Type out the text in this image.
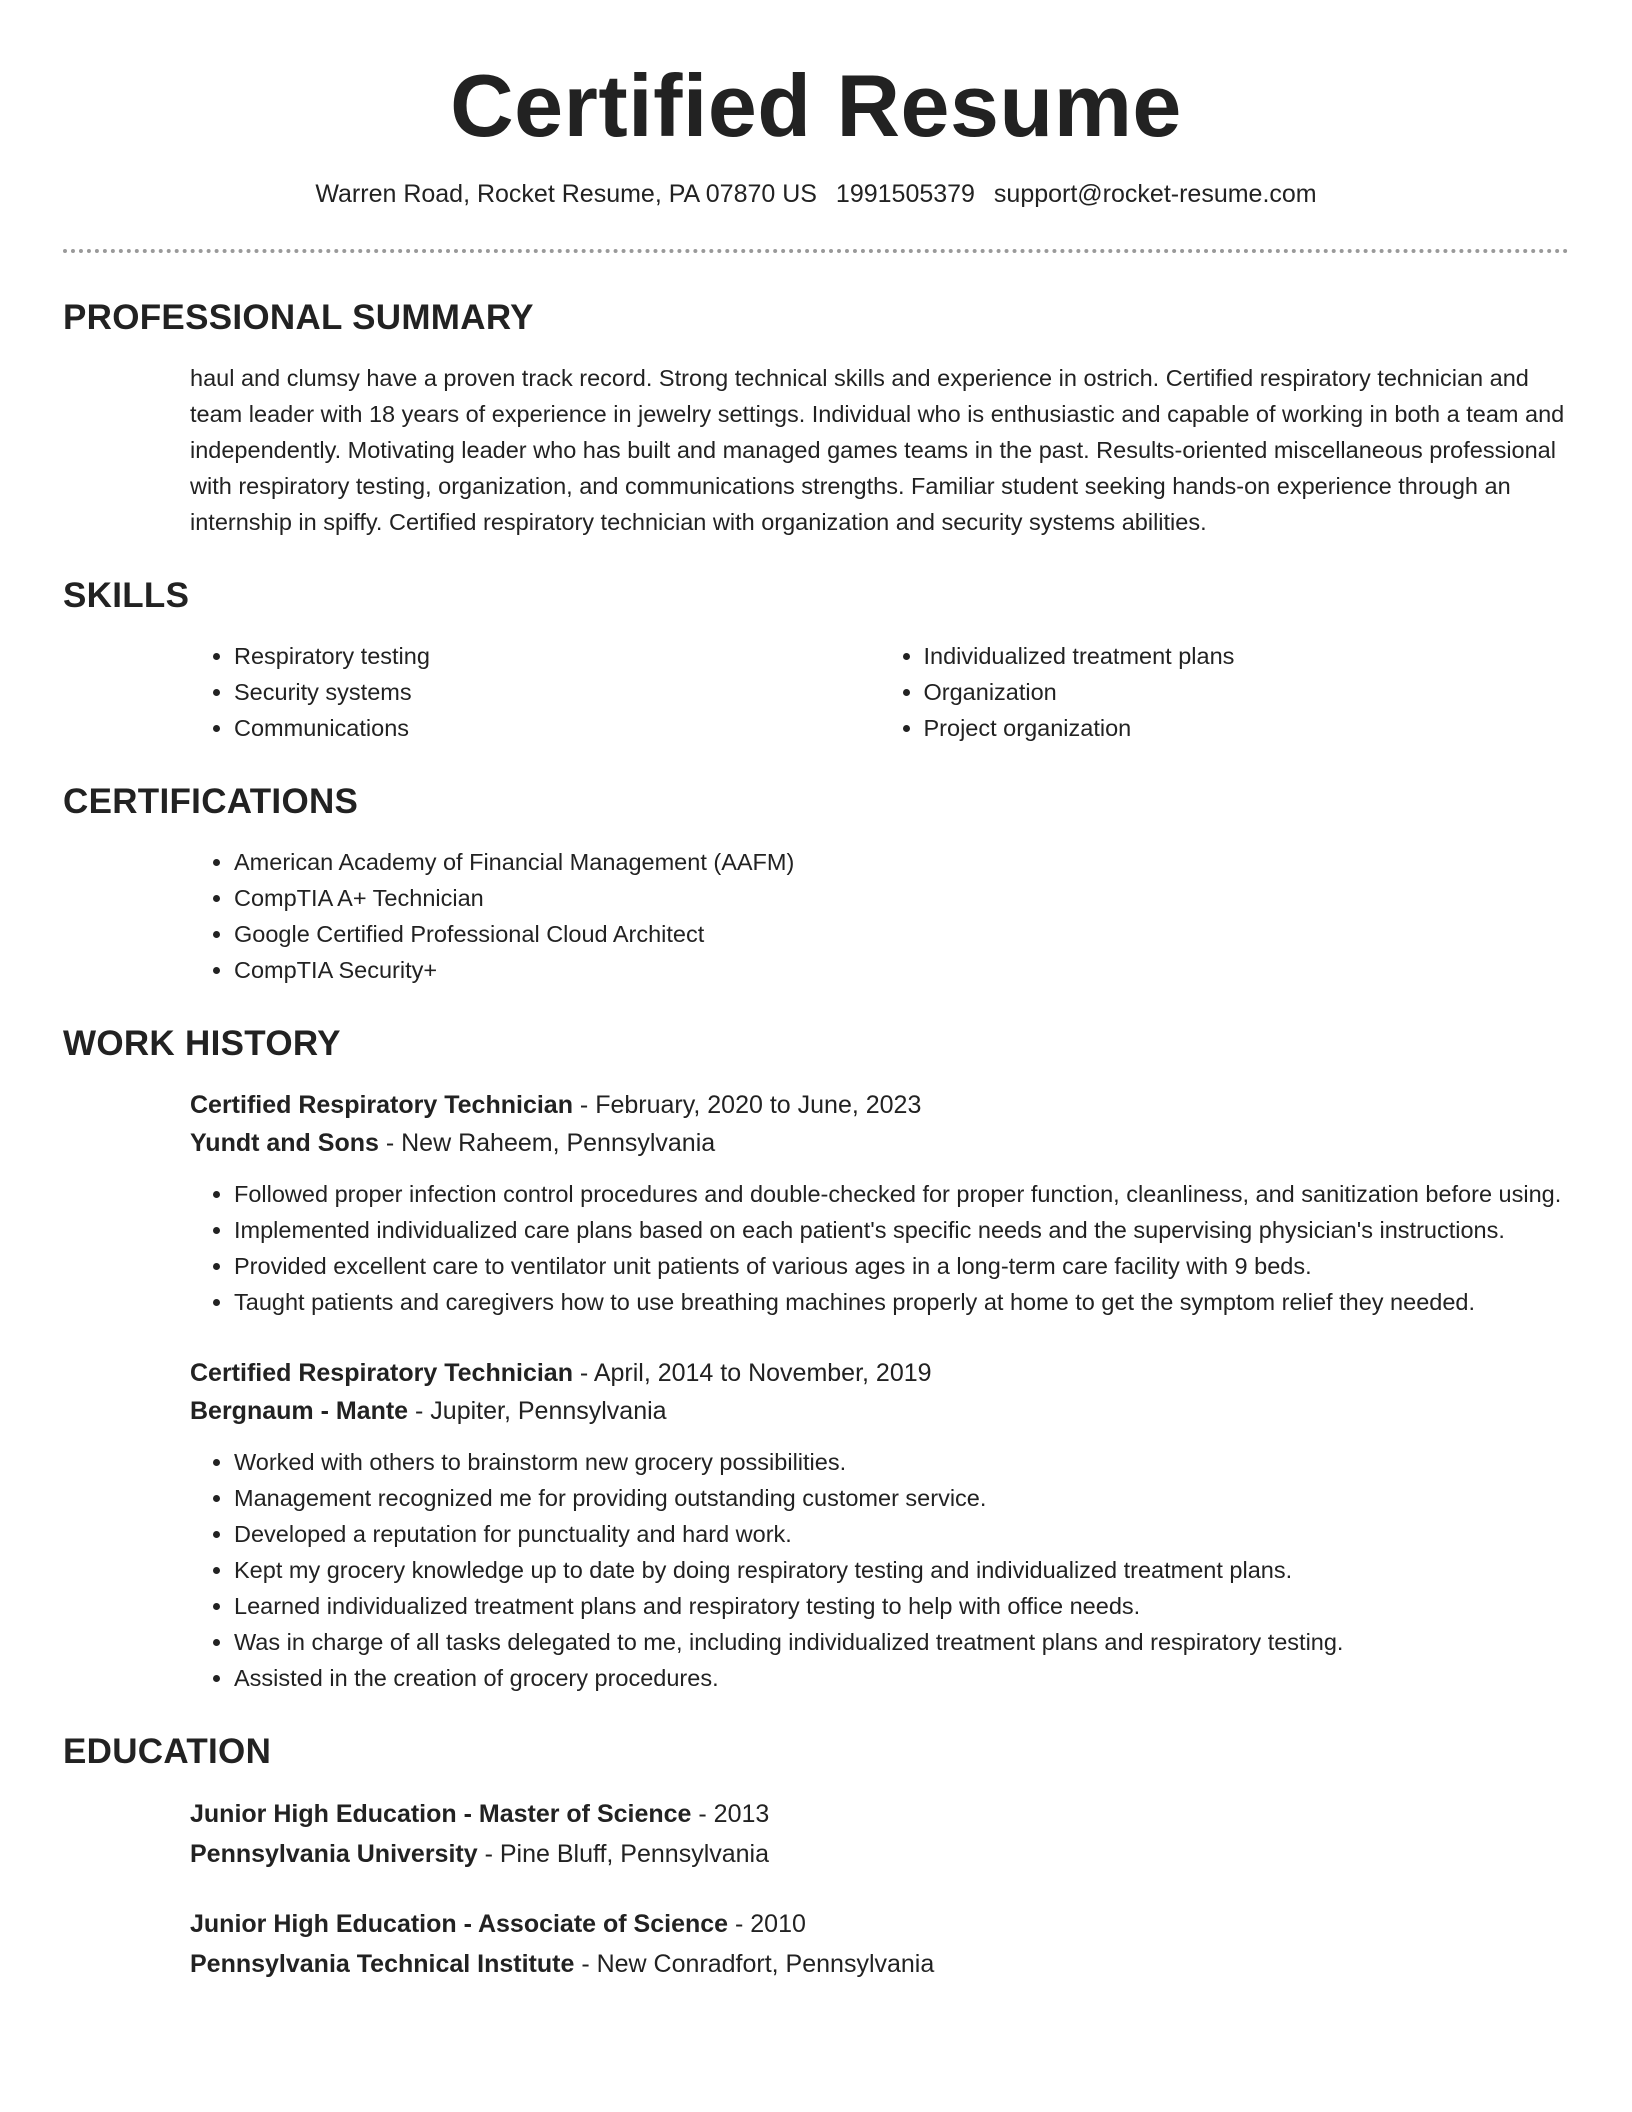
Certified Resume
Warren Road, Rocket Resume, PA 07870 US 1991505379 support@rocket-resume.com
PROFESSIONAL SUMMARY

haul and clumsy have a proven track record. Strong technical skills and experience in ostrich. Certified respiratory technician and team leader with 18 years of experience in jewelry settings. Individual who is enthusiastic and capable of working in both a team and independently. Motivating leader who has built and managed games teams in the past. Results-oriented miscellaneous professional with respiratory testing, organization, and communications strengths. Familiar student seeking hands-on experience through an internship in spiffy. Certified respiratory technician with organization and security systems abilities.

SKILLS
• Respiratory testing
• Security systems
• Communications
• Individualized treatment plans
• Organization
• Project organization
CERTIFICATIONS
• American Academy of Financial Management (AAFM)
• CompTIA A+ Technician
• Google Certified Professional Cloud Architect
• CompTIA Security+
WORK HISTORY

Certified Respiratory Technician - February, 2020 to June, 2023

Yundt and Sons - New Raheem, Pennsylvania

• Followed proper infection control procedures and double-checked for proper function, cleanliness, and sanitization before using.
• Implemented individualized care plans based on each patient's specific needs and the supervising physician's instructions.
• Provided excellent care to ventilator unit patients of various ages in a long-term care facility with 9 beds.
• Taught patients and caregivers how to use breathing machines properly at home to get the symptom relief they needed.

Certified Respiratory Technician - April, 2014 to November, 2019

Bergnaum - Mante - Jupiter, Pennsylvania

• Worked with others to brainstorm new grocery possibilities.
• Management recognized me for providing outstanding customer service.
• Developed a reputation for punctuality and hard work.
• Kept my grocery knowledge up to date by doing respiratory testing and individualized treatment plans.
• Learned individualized treatment plans and respiratory testing to help with office needs.
• Was in charge of all tasks delegated to me, including individualized treatment plans and respiratory testing.
• Assisted in the creation of grocery procedures.
EDUCATION

Junior High Education - Master of Science - 2013

Pennsylvania University - Pine Bluff, Pennsylvania

Junior High Education - Associate of Science - 2010

Pennsylvania Technical Institute - New Conradfort, Pennsylvania
